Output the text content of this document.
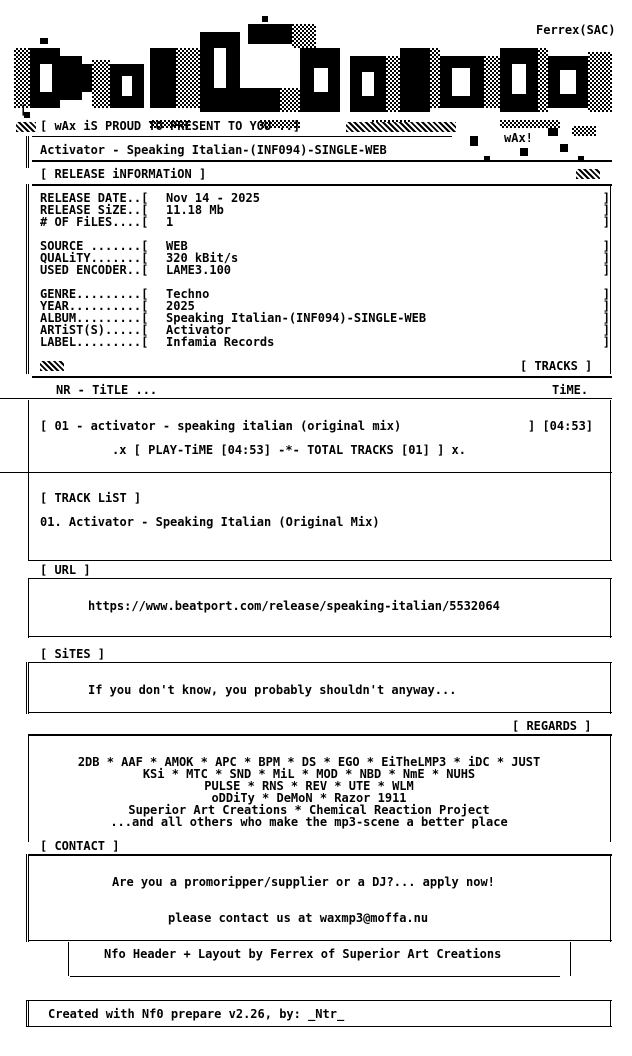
Ferrex(SAC)
[
[ wAx iS PROUD TO PRESENT TO YOU ..]
wAx!
Activator - Speaking Italian-(INF094)-SINGLE-WEB
[ RELEASE iNFORMATiON ]
RELEASE DATE..[ Nov 14 - 2025	]
RELEASE SiZE..[ 11.18 Mb	]
# OF FiLES....[ 1	]
SOURCE .......[ WEB	]
QUALiTY.......[ 320 kBit/s	]
USED ENCODER..[ LAME3.100	]
GENRE.........[ Techno	]
YEAR..........[ 2025	]
ALBUM.........[ Speaking Italian-(INF094)-SINGLE-WEB	]
ARTiST(S).....[ Activator	]
LABEL.........[ Infamia Records	]
[ TRACKS ]
NR - TiTLE ...	TiME.
[ 01 - activator - speaking italian (original mix)	] [04:53]
.x [ PLAY-TiME [04:53] -*- TOTAL TRACKS [01] ] x.
[ TRACK LiST ]
01. Activator - Speaking Italian (Original Mix)
[ URL ]
https://www.beatport.com/release/speaking-italian/5532064
[ SiTES ]
If you don't know, you probably shouldn't anyway...
[ REGARDS ]
2DB * AAF * AMOK * APC * BPM * DS * EGO * EiTheLMP3 * iDC * JUST
KSi * MTC * SND * MiL * MOD * NBD * NmE * NUHS
PULSE * RNS * REV * UTE * WLM
oDDiTy * DeMoN * Razor 1911
Superior Art Creations * Chemical Reaction Project
...and all others who make the mp3-scene a better place
[ CONTACT ]
Are you a promoripper/supplier or a DJ?... apply now!
please contact us at waxmp3@moffa.nu
Nfo Header + Layout by Ferrex of Superior Art Creations
Created with Nf0 prepare v2.26, by: _Ntr_
